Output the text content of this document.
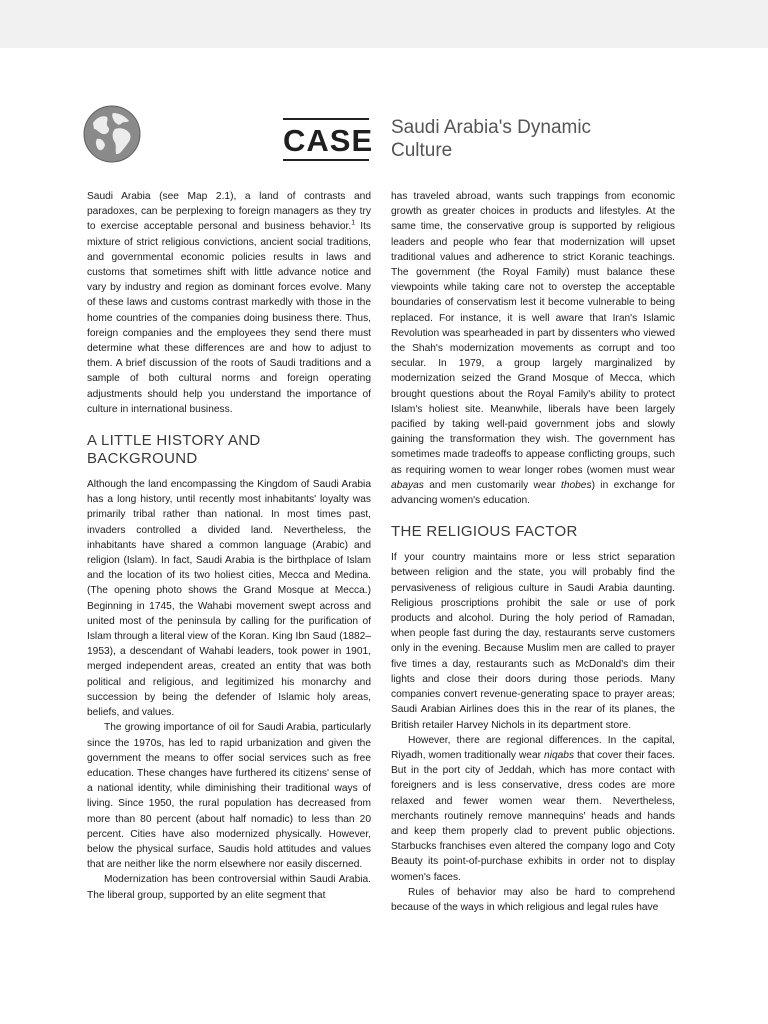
CASE Saudi Arabia's Dynamic
Culture

Saudi Arabia (see Map 2.1), a land of contrasts and paradoxes, can be perplexing to foreign managers as they try to exercise acceptable personal and business behavior.$^1$ Its mixture of strict religious convictions, ancient social traditions, and governmental economic policies results in laws and customs that sometimes shift with little advance notice and vary by industry and region as dominant forces evolve. Many of these laws and customs contrast markedly with those in the home countries of the companies doing business there. Thus, foreign companies and the employees they send there must determine what these differences are and how to adjust to them. A brief discussion of the roots of Saudi traditions and a sample of both cultural norms and foreign operating adjustments should help you understand the importance of culture in international business.

A LITTLE HISTORY AND BACKGROUND

Although the land encompassing the Kingdom of Saudi Arabia has a long history, until recently most inhabitants' loyalty was primarily tribal rather than national. In most times past, invaders controlled a divided land. Nevertheless, the inhabitants have shared a common language (Arabic) and religion (Islam). In fact, Saudi Arabia is the birthplace of Islam and the location of its two holiest cities, Mecca and Medina. (The opening photo shows the Grand Mosque at Mecca.) Beginning in 1745, the Wahabi movement swept across and united most of the peninsula by calling for the purification of Islam through a literal view of the Koran. King Ibn Saud (1882–1953), a descendant of Wahabi leaders, took power in 1901, merged independent areas, created an entity that was both political and religious, and legitimized his monarchy and succession by being the defender of Islamic holy areas, beliefs, and values.

The growing importance of oil for Saudi Arabia, particularly since the 1970s, has led to rapid urbanization and given the government the means to offer social services such as free education. These changes have furthered its citizens' sense of a national identity, while diminishing their traditional ways of living. Since 1950, the rural population has decreased from more than 80 percent (about half nomadic) to less than 20 percent. Cities have also modernized physically. However, below the physical surface, Saudis hold attitudes and values that are neither like the norm elsewhere nor easily discerned.

Modernization has been controversial within Saudi Arabia. The liberal group, supported by an elite segment that

has traveled abroad, wants such trappings from economic growth as greater choices in products and lifestyles. At the same time, the conservative group is supported by religious leaders and people who fear that modernization will upset traditional values and adherence to strict Koranic teachings. The government (the Royal Family) must balance these viewpoints while taking care not to overstep the acceptable boundaries of conservatism lest it become vulnerable to being replaced. For instance, it is well aware that Iran's Islamic Revolution was spearheaded in part by dissenters who viewed the Shah's modernization movements as corrupt and too secular. In 1979, a group largely marginalized by modernization seized the Grand Mosque of Mecca, which brought questions about the Royal Family's ability to protect Islam's holiest site. Meanwhile, liberals have been largely pacified by taking well-paid government jobs and slowly gaining the transformation they wish. The government has sometimes made tradeoffs to appease conflicting groups, such as requiring women to wear longer robes (women must wear abayas and men customarily wear thobes) in exchange for advancing women's education.

THE RELIGIOUS FACTOR

If your country maintains more or less strict separation between religion and the state, you will probably find the pervasiveness of religious culture in Saudi Arabia daunting. Religious proscriptions prohibit the sale or use of pork products and alcohol. During the holy period of Ramadan, when people fast during the day, restaurants serve customers only in the evening. Because Muslim men are called to prayer five times a day, restaurants such as McDonald's dim their lights and close their doors during those periods. Many companies convert revenue-generating space to prayer areas; Saudi Arabian Airlines does this in the rear of its planes, the British retailer Harvey Nichols in its department store.

However, there are regional differences. In the capital, Riyadh, women traditionally wear niqabs that cover their faces. But in the port city of Jeddah, which has more contact with foreigners and is less conservative, dress codes are more relaxed and fewer women wear them. Nevertheless, merchants routinely remove mannequins' heads and hands and keep them properly clad to prevent public objections. Starbucks franchises even altered the company logo and Coty Beauty its point-of-purchase exhibits in order not to display women's faces.

Rules of behavior may also be hard to comprehend because of the ways in which religious and legal rules have
